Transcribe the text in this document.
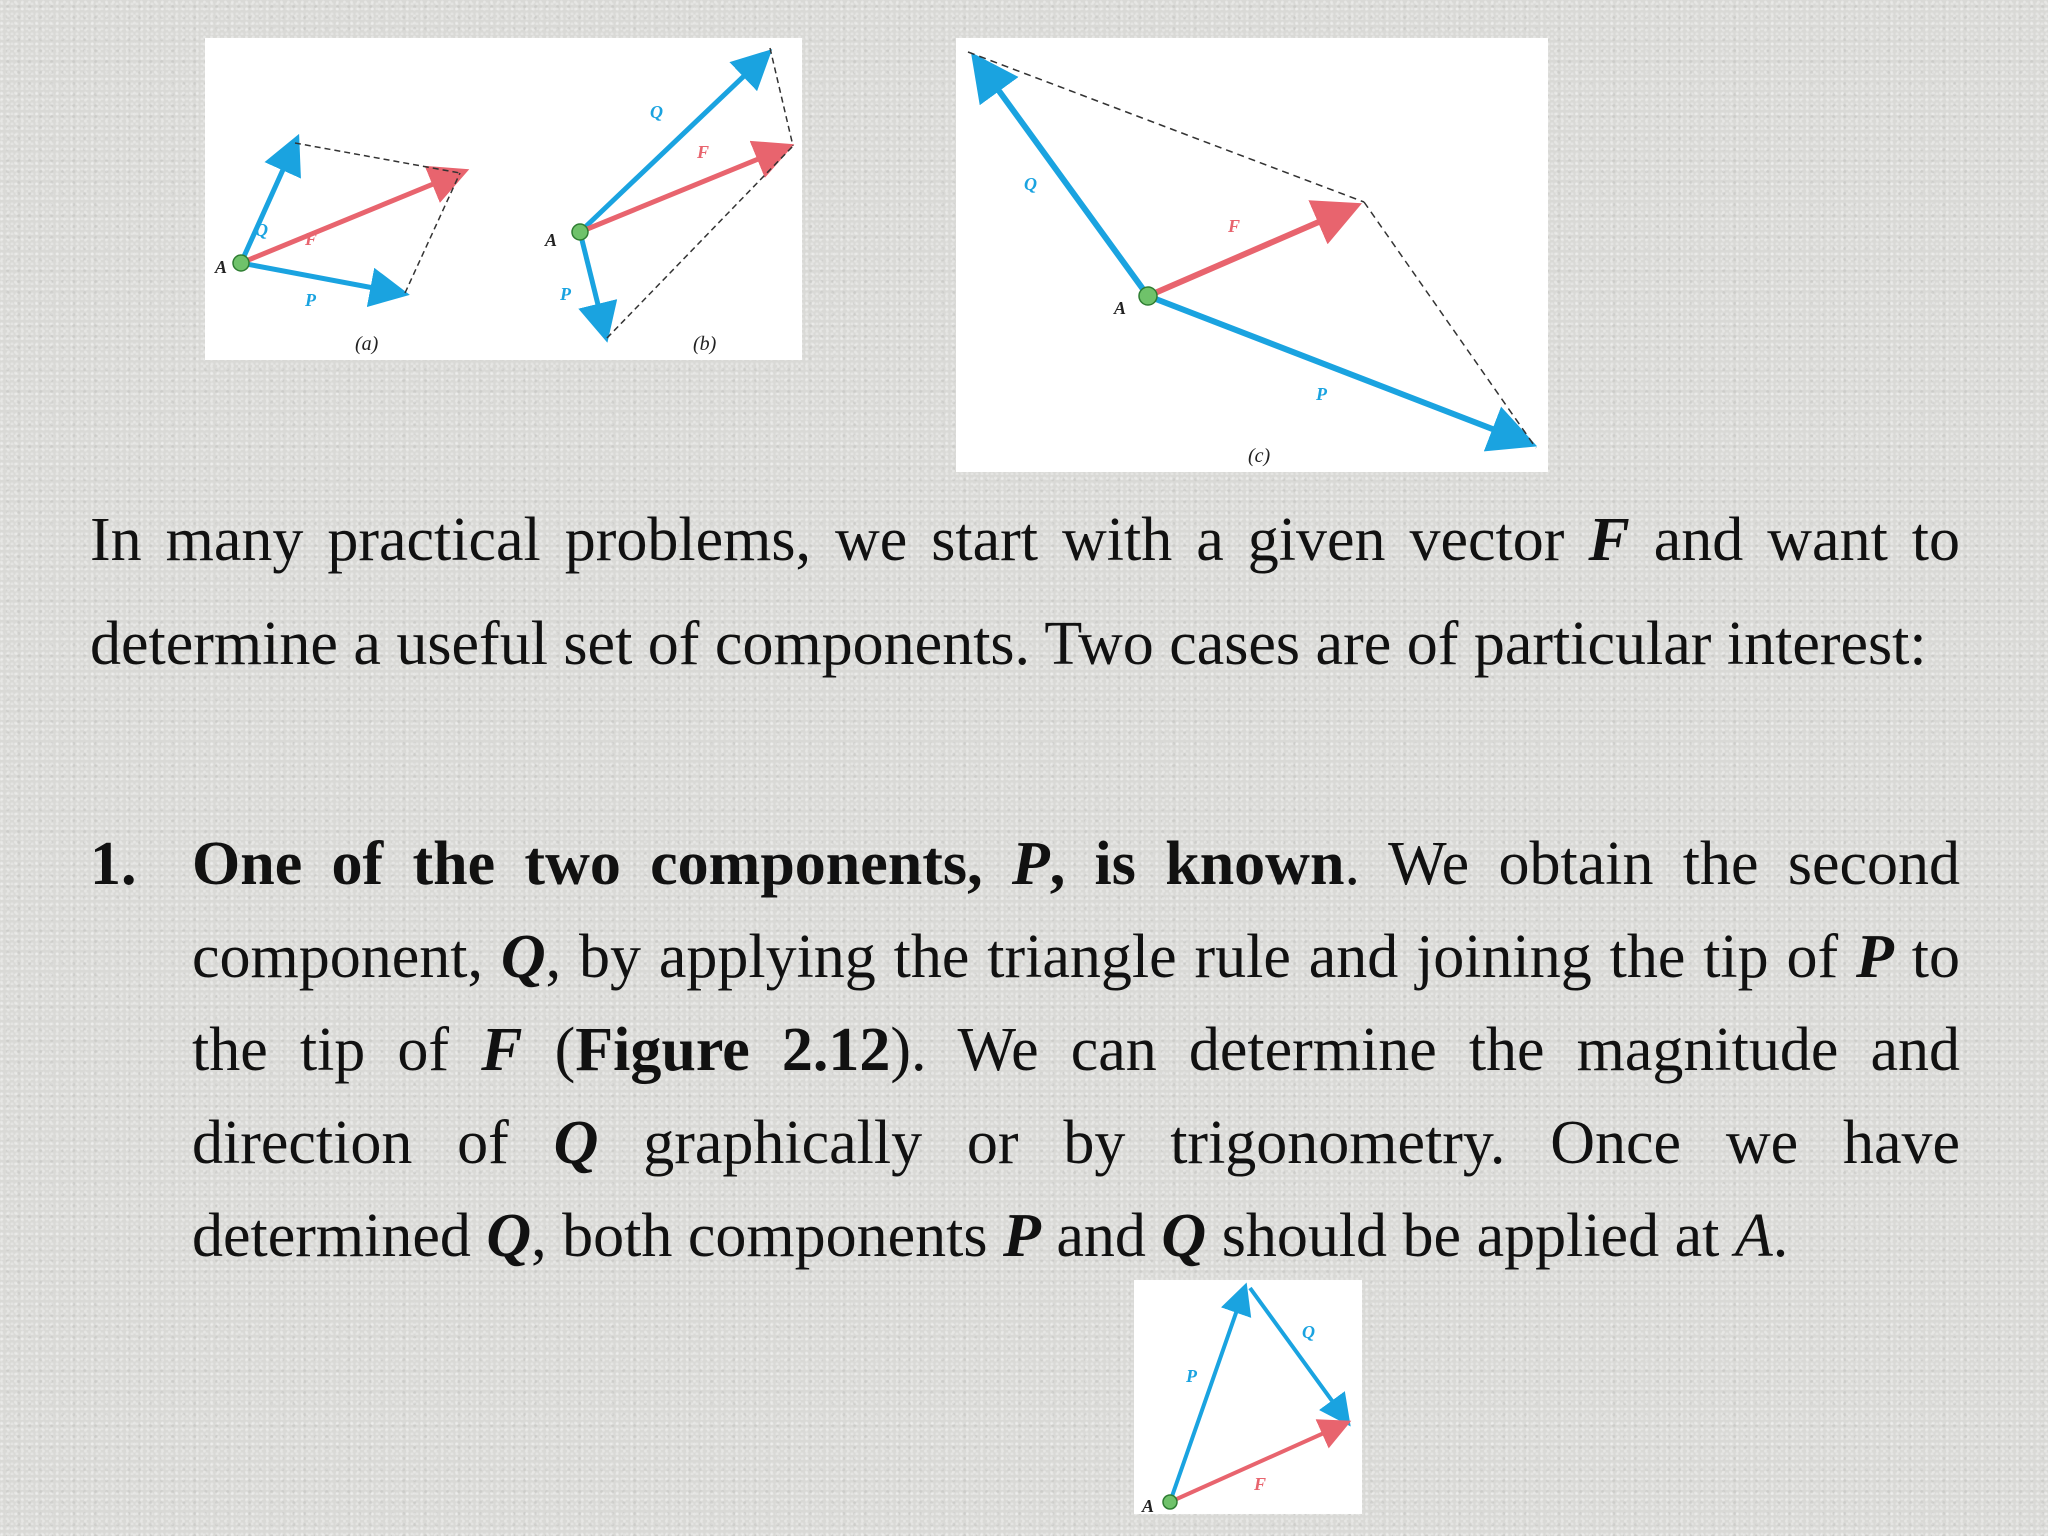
A
Q F
P
(a)
A
Q
F
P
(b)
A
Q
F
P
(c)
In many practical problems, we start with a given vector F and want to determine a useful set of components. Two cases are of particular interest:
1. One of the two components, P, is known. We obtain the second component, Q, by applying the triangle rule and joining the tip of P to the tip of F (Figure 2.12). We can determine the magnitude and direction of Q graphically or by trigonometry. Once we have determined Q, both components P and Q should be applied at A.
A
P
Q
F
